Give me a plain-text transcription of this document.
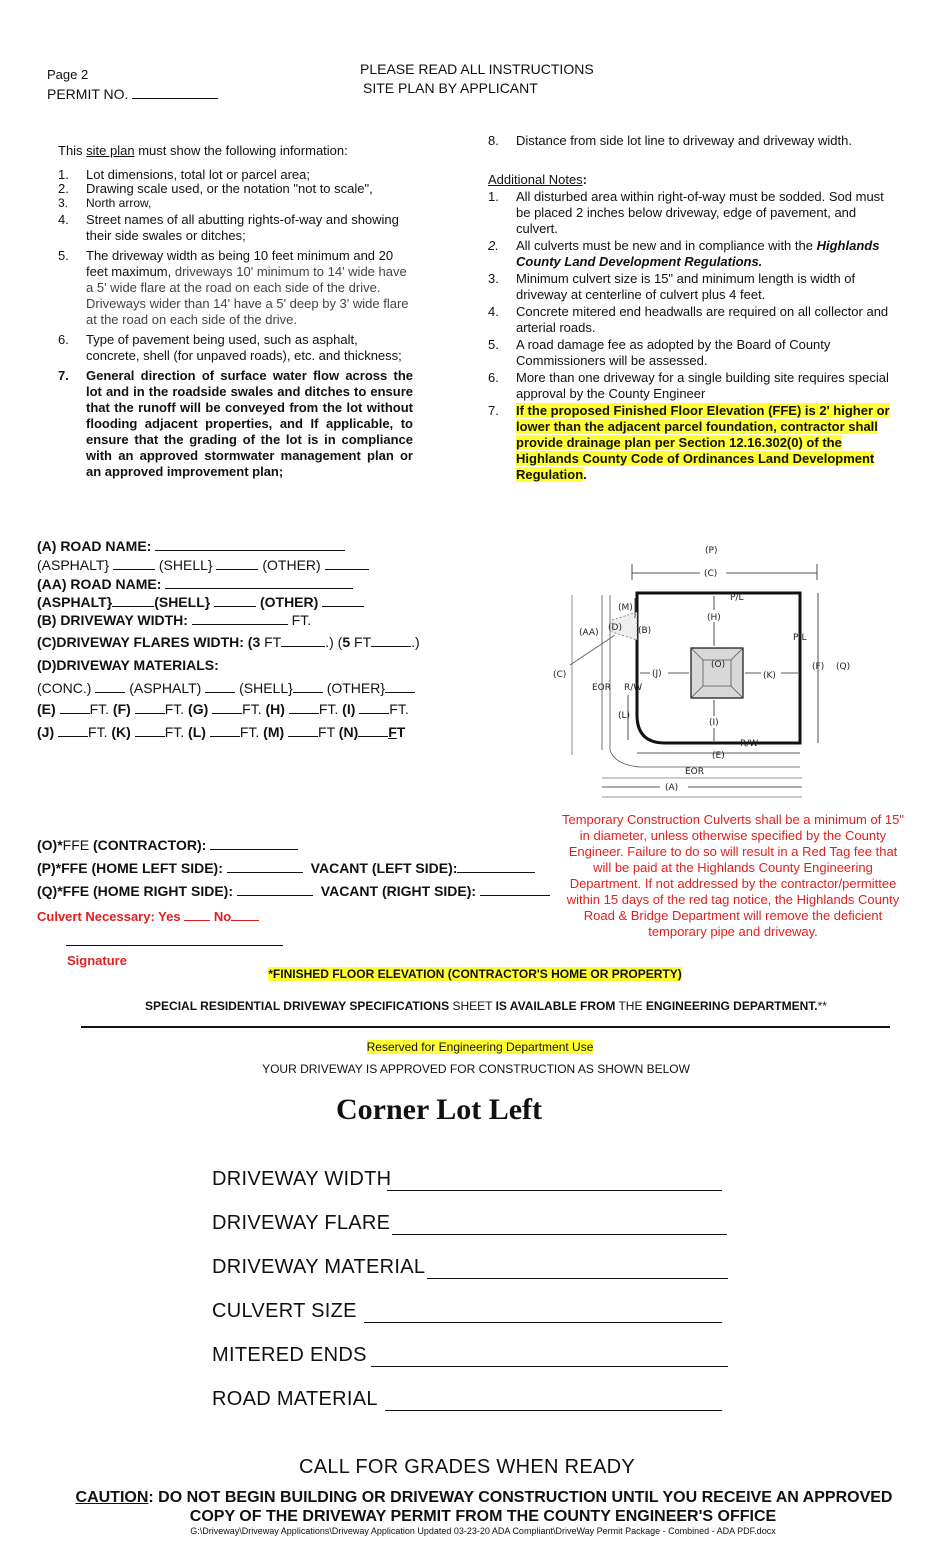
Page 2
PERMIT NO.
PLEASE READ ALL INSTRUCTIONS
SITE PLAN BY APPLICANT
This site plan must show the following information:
1. Lot dimensions, total lot or parcel area;
2. Drawing scale used, or the notation "not to scale",
3. North arrow,
4. Street names of all abutting rights-of-way and showing their side swales or ditches;
5. The driveway width as being 10 feet minimum and 20 feet maximum, driveways 10' minimum to 14' wide have a 5' wide flare at the road on each side of the drive. Driveways wider than 14' have a 5' deep by 3' wide flare at the road on each side of the drive.
6. Type of pavement being used, such as asphalt, concrete, shell (for unpaved roads), etc. and thickness;
7. General direction of surface water flow across the lot and in the roadside swales and ditches to ensure that the runoff will be conveyed from the lot without flooding adjacent properties, and If applicable, to ensure that the grading of the lot is in compliance with an approved stormwater management plan or an approved improvement plan;
8. Distance from side lot line to driveway and driveway width.
Additional Notes:
1. All disturbed area within right-of-way must be sodded. Sod must be placed 2 inches below driveway, edge of pavement, and culvert.
2. All culverts must be new and in compliance with the Highlands County Land Development Regulations.
3. Minimum culvert size is 15" and minimum length is width of driveway at centerline of culvert plus 4 feet.
4. Concrete mitered end headwalls are required on all collector and arterial roads.
5. A road damage fee as adopted by the Board of County Commissioners will be assessed.
6. More than one driveway for a single building site requires special approval by the County Engineer
7. If the proposed Finished Floor Elevation (FFE) is 2' higher or lower than the adjacent parcel foundation, contractor shall provide drainage plan per Section 12.16.302(0) of the Highlands County Code of Ordinances Land Development Regulation.
(A) ROAD NAME:
(ASPHALT}	(SHELL}	(OTHER)
(AA) ROAD NAME:
(ASPHALT}	(SHELL}	(OTHER)
(B) DRIVEWAY WIDTH:	FT.
(C)DRIVEWAY FLARES WIDTH: (3 FT	.) (5 FT	.)
(D)DRIVEWAY MATERIALS:
(CONC.)	(ASPHALT)	(SHELL} (OTHER}
(E) FT. (F) FT. (G) FT. (H) FT. (I) FT.
(J) FT. (K) FT. (L) FT. (M) FT (N) FT
(O)*FFE (CONTRACTOR):
(P)*FFE (HOME LEFT SIDE):	VACANT (LEFT SIDE):
(Q)*FFE (HOME RIGHT SIDE):	VACANT (RIGHT SIDE):
Culvert Necessary: Yes	No
Signature
(P)
(C)
P/L
P/L
(F) (Q)
(O)
(H)
(I)
(J)	(K)
EOR R/W
(C)
(AA) (D) (B)
(M)
(L)
(E)
R/W
EOR
(A)
Temporary Construction Culverts shall be a minimum of 15" in diameter, unless otherwise specified by the County Engineer. Failure to do so will result in a Red Tag fee that will be paid at the Highlands County Engineering Department. If not addressed by the contractor/permittee within 15 days of the red tag notice, the Highlands County Road & Bridge Department will remove the deficient temporary pipe and driveway.
*FINISHED FLOOR ELEVATION (CONTRACTOR'S HOME OR PROPERTY)
SPECIAL RESIDENTIAL DRIVEWAY SPECIFICATIONS SHEET IS AVAILABLE FROM THE ENGINEERING DEPARTMENT.**
Reserved for Engineering Department Use
YOUR DRIVEWAY IS APPROVED FOR CONSTRUCTION AS SHOWN BELOW
Corner Lot Left
DRIVEWAY WIDTH
DRIVEWAY FLARE
DRIVEWAY MATERIAL
CULVERT SIZE
MITERED ENDS
ROAD MATERIAL
CALL FOR GRADES WHEN READY
CAUTION: DO NOT BEGIN BUILDING OR DRIVEWAY CONSTRUCTION UNTIL YOU RECEIVE AN APPROVED
COPY OF THE DRIVEWAY PERMIT FROM THE COUNTY ENGINEER'S OFFICE
G:\Driveway\Driveway Applications\Driveway Application Updated 03-23-20 ADA Compliant\DriveWay Permit Package - Combined - ADA PDF.docx
